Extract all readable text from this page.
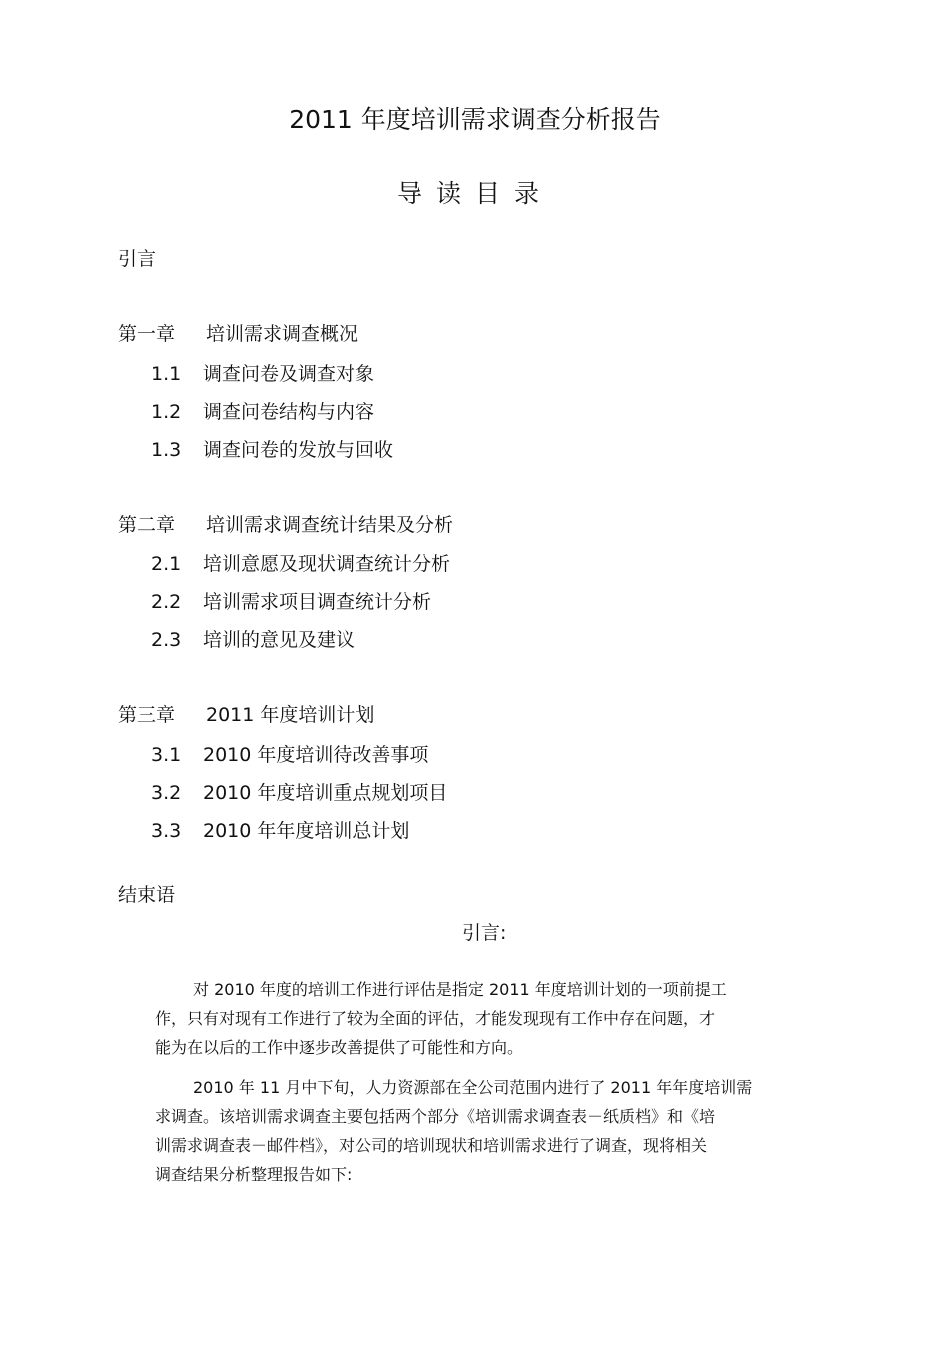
2011 年度培训需求调查分析报告
导读目录
引言
第一章 培训需求调查概况
1.1 调查问卷及调查对象
1.2 调查问卷结构与内容
1.3 调查问卷的发放与回收
第二章 培训需求调查统计结果及分析
2.1 培训意愿及现状调查统计分析
2.2 培训需求项目调查统计分析
2.3 培训的意见及建议
第三章 2011 年度培训计划
3.1 2010 年度培训待改善事项
3.2 2010 年度培训重点规划项目
3.3 2010 年年度培训总计划
结束语
引言:
对 2010 年度的培训工作进行评估是指定 2011 年度培训计划的一项前提工
作，只有对现有工作进行了较为全面的评估，才能发现现有工作中存在问题，才
能为在以后的工作中逐步改善提供了可能性和方向。
2010 年 11 月中下旬，人力资源部在全公司范围内进行了 2011 年年度培训需
求调查。该培训需求调查主要包括两个部分《培训需求调查表－纸质档》和《培
训需求调查表－邮件档》，对公司的培训现状和培训需求进行了调查，现将相关
调查结果分析整理报告如下:
